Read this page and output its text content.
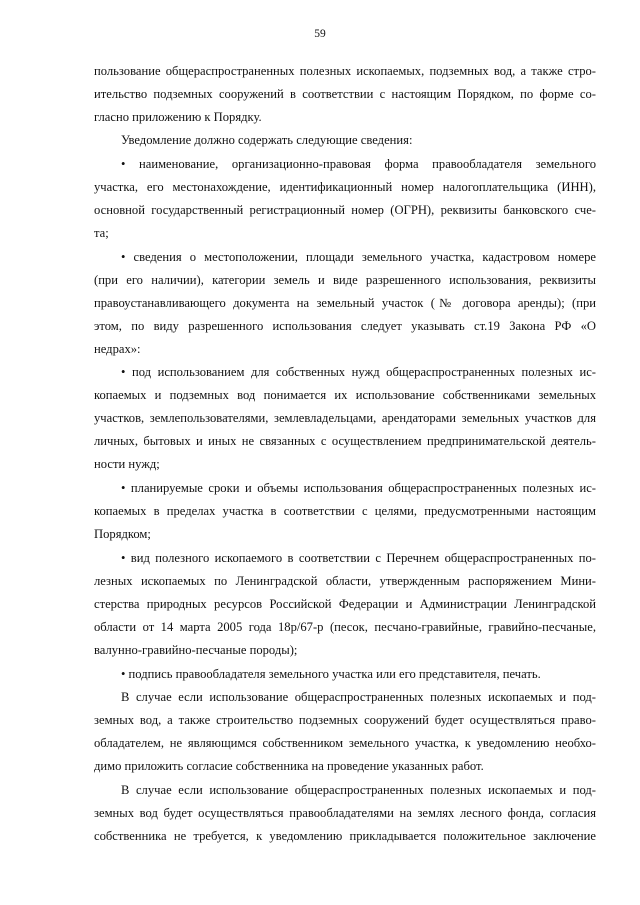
59
пользование общераспространенных полезных ископаемых, подземных вод, а также стро-
ительство подземных сооружений в соответствии с настоящим Порядком, по форме со-
гласно приложению к Порядку.
Уведомление должно содержать следующие сведения:
• наименование, организационно-правовая форма правообладателя земельного
участка, его местонахождение, идентификационный номер налогоплательщика (ИНН),
основной государственный регистрационный номер (ОГРН), реквизиты банковского сче-
та;
• сведения о местоположении, площади земельного участка, кадастровом номере
(при его наличии), категории земель и виде разрешенного использования, реквизиты
правоустанавливающего документа на земельный участок (№ договора аренды); (при
этом, по виду разрешенного использования следует указывать ст.19 Закона РФ «О
недрах»:
• под использованием для собственных нужд общераспространенных полезных ис-
копаемых и подземных вод понимается их использование собственниками земельных
участков, землепользователями, землевладельцами, арендаторами земельных участков для
личных, бытовых и иных не связанных с осуществлением предпринимательской деятель-
ности нужд;
• планируемые сроки и объемы использования общераспространенных полезных ис-
копаемых в пределах участка в соответствии с целями, предусмотренными настоящим
Порядком;
• вид полезного ископаемого в соответствии с Перечнем общераспространенных по-
лезных ископаемых по Ленинградской области, утвержденным распоряжением Мини-
стерства природных ресурсов Российской Федерации и Администрации Ленинградской
области от 14 марта 2005 года 18р/67-р (песок, песчано-гравийные, гравийно-песчаные,
валунно-гравийно-песчаные породы);
• подпись правообладателя земельного участка или его представителя, печать.
В случае если использование общераспространенных полезных ископаемых и под-
земных вод, а также строительство подземных сооружений будет осуществляться право-
обладателем, не являющимся собственником земельного участка, к уведомлению необхо-
димо приложить согласие собственника на проведение указанных работ.
В случае если использование общераспространенных полезных ископаемых и под-
земных вод будет осуществляться правообладателями на землях лесного фонда, согласия
собственника не требуется, к уведомлению прикладывается положительное заключение
